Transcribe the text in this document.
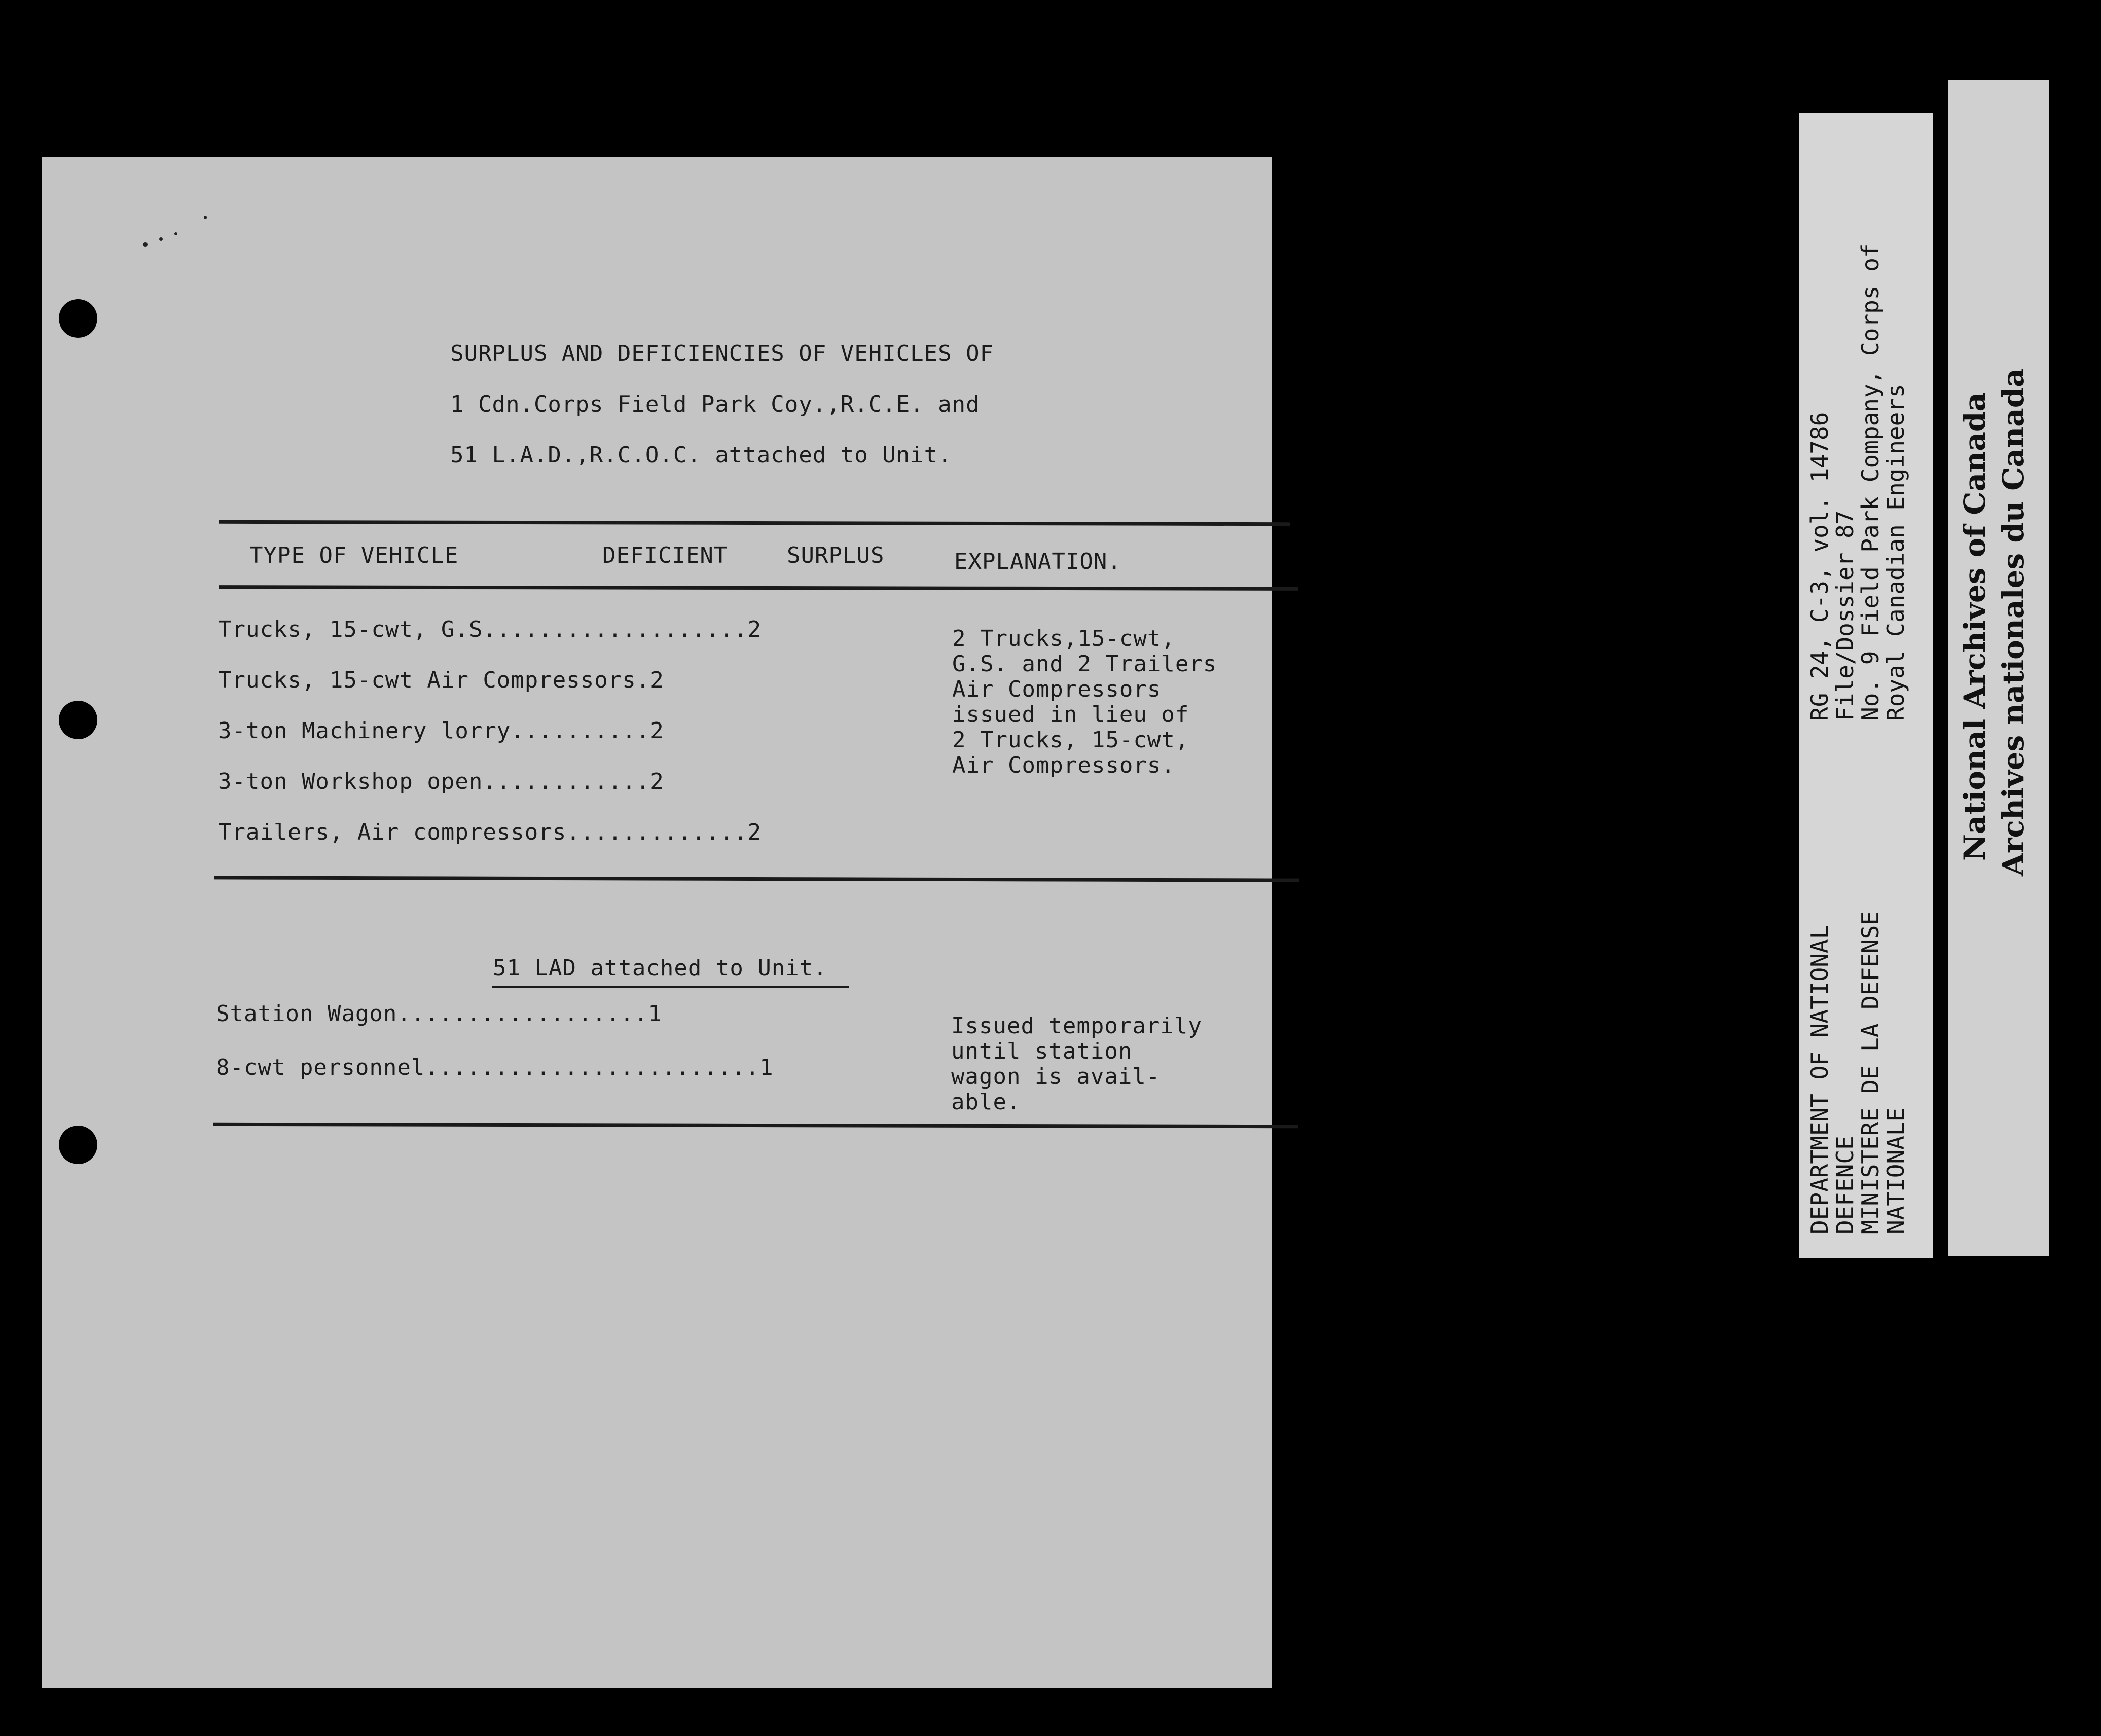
SURPLUS AND DEFICIENCIES OF VEHICLES OF
1 Cdn.Corps Field Park Coy.,R.C.E. and
51 L.A.D.,R.C.O.C. attached to Unit.
TYPE OF VEHICLE	DEFICIENT	SURPLUS	EXPLANATION.
Trucks, 15-cwt, G.S...................2
Trucks, 15-cwt Air Compressors.2
3-ton Machinery lorry..........2
3-ton Workshop open............2
Trailers, Air compressors.............2
2 Trucks,15-cwt,
G.S. and 2 Trailers
Air Compressors
issued in lieu of
2 Trucks, 15-cwt,
Air Compressors.
51 LAD attached to Unit.
Station Wagon..................1
8-cwt personnel........................1
Issued temporarily
until station
wagon is avail-
able.	DEPARTMENT OF NATIONAL
DEFENCE
MINISTERE DE LA DEFENSE
NATIONALE
RG 24, C-3, vol. 14786
File/Dossier 87
No. 9 Field Park Company, Corps of
Royal Canadian Engineers National Archives of Canada Archives nationales du Canada
